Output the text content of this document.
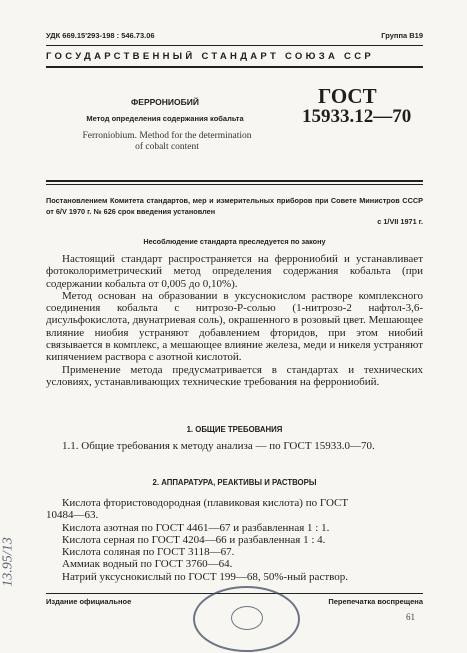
УДК 669.15'293-198 : 546.73.06	Группа В19
ГОСУДАРСТВЕННЫЙ СТАНДАРТ СОЮЗА ССР
ФЕРРОНИОБИЙ
Метод определения содержания кобальта
Ferroniobium. Method for the determination
of cobalt content
ГОСТ
15933.12—70
Постановлением Комитета стандартов, мер и измерительных приборов при Совете Министров СССР от 6/V 1970 г. № 626 срок введения установлен
с 1/VII 1971 г.
Несоблюдение стандарта преследуется по закону

Настоящий стандарт распространяется на феррониобий и устанавливает фотоколориметрический метод определения содержания кобальта (при содержании кобальта от 0,005 до 0,10%).

Метод основан на образовании в уксуснокислом растворе комплексного соединения кобальта с нитрозо-Р-солью (1-нитрозо-2 нафтол-3,6-дисульфокислота, двунатриевая соль), окрашенного в розовый цвет. Мешающее влияние ниобия устраняют добавлением фторидов, при этом ниобий связывается в комплекс, а мешающее влияние железа, меди и никеля устраняют кипячением раствора с азотной кислотой.

Применение метода предусматривается в стандартах и технических условиях, устанавливающих технические требования на феррониобий.

1. ОБЩИЕ ТРЕБОВАНИЯ

1.1. Общие требования к методу анализа — по ГОСТ 15933.0—70.

2. АППАРАТУРА, РЕАКТИВЫ И РАСТВОРЫ
Кислота фтористоводородная (плавиковая кислота) по ГОСТ
10484—63.
Кислота азотная по ГОСТ 4461—67 и разбавленная 1 : 1.
Кислота серная по ГОСТ 4204—66 и разбавленная 1 : 4.
Кислота соляная по ГОСТ 3118—67.
Аммиак водный по ГОСТ 3760—64.
Натрий уксуснокислый по ГОСТ 199—68, 50%-ный раствор.
Издание официальное	Перепечатка воспрещена
61
13.95/13
